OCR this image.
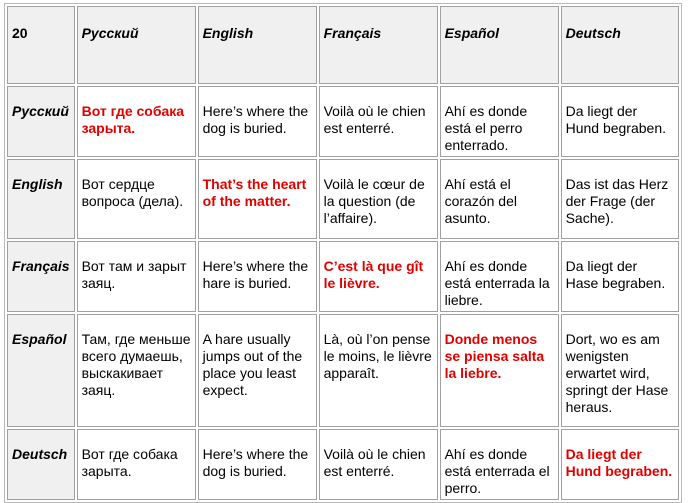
20	Русский	English	Français	Español	Deutsch
Русский	Вот где собака зарыта.	Here’s where the dog is buried.	Voilà où le chien est enterré.	Ahí es donde está el perro enterrado.	Da liegt der Hund begraben.
English	Вот сердце вопроса (дела).	That’s the heart of the matter.	Voilà le cœur de la question (de l’affaire).	Ahí está el corazón del asunto.	Das ist das Herz der Frage (der Sache).
Français	Вот там и зарыт заяц.	Here’s where the hare is buried.	C’est là que gît le lièvre.	Ahí es donde está enterrada la liebre.	Da liegt der Hase begraben.
Español	Там, где меньше всего думаешь, выскакивает заяц.	A hare usually jumps out of the place you least expect.	Là, où l’on pense le moins, le lièvre apparaît.	Donde menos se piensa salta la liebre.	Dort, wo es am wenigsten erwartet wird, springt der Hase heraus.
Deutsch	Вот где собака зарыта.	Here’s where the dog is buried.	Voilà où le chien est enterré.	Ahí es donde está enterrada el perro.	Da liegt der Hund begraben.
